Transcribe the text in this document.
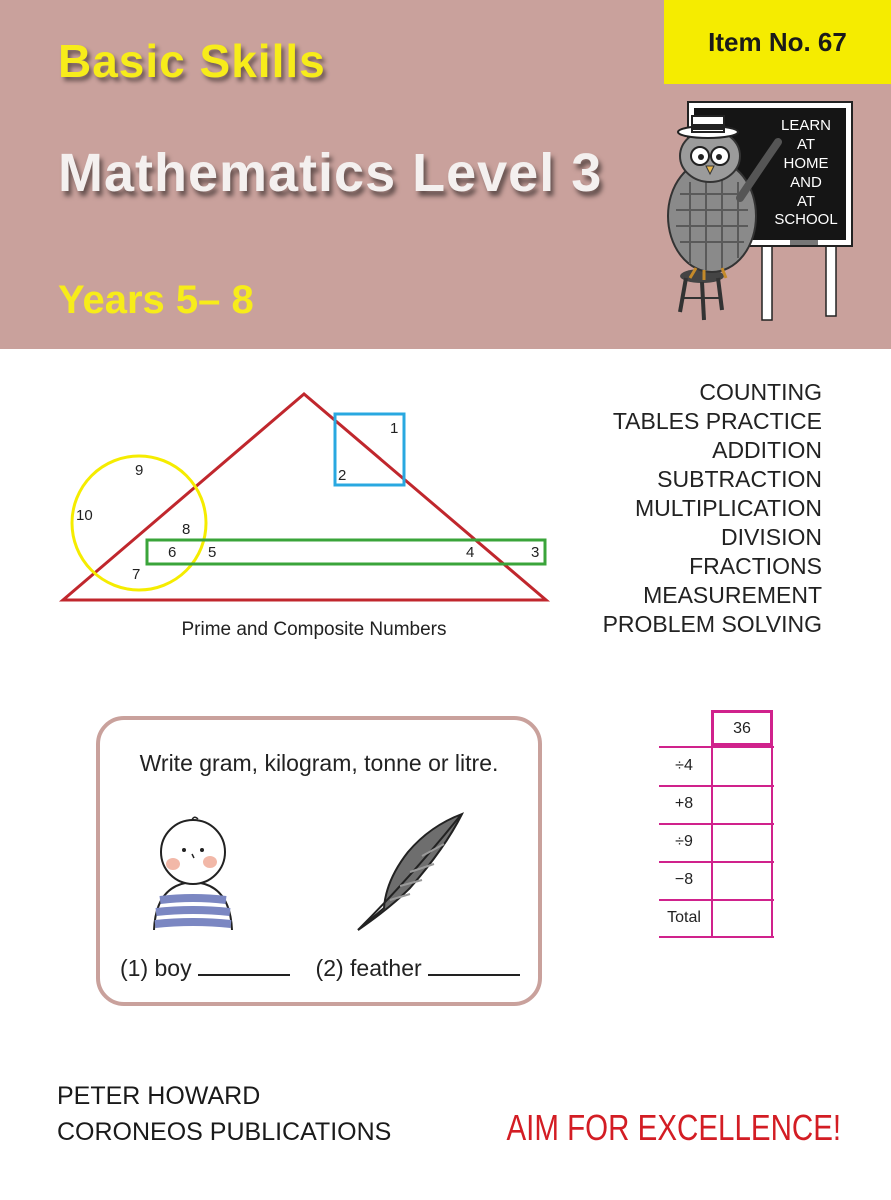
Item No. 67
Basic Skills
Mathematics Level 3
Years 5– 8
LEARN
AT
HOME
AND
AT
SCHOOL
1
2
3
4
5
6
7
8
9
10
Prime and Composite Numbers
COUNTING
TABLES PRACTICE
ADDITION
SUBTRACTION
MULTIPLICATION
DIVISION
FRACTIONS
MEASUREMENT
PROBLEM SOLVING
Write gram, kilogram, tonne or litre.
(1) boy	(2) feather
36
÷4
+8
÷9
−8
Total
PETER HOWARD
CORONEOS PUBLICATIONS	AIM FOR EXCELLENCE!
